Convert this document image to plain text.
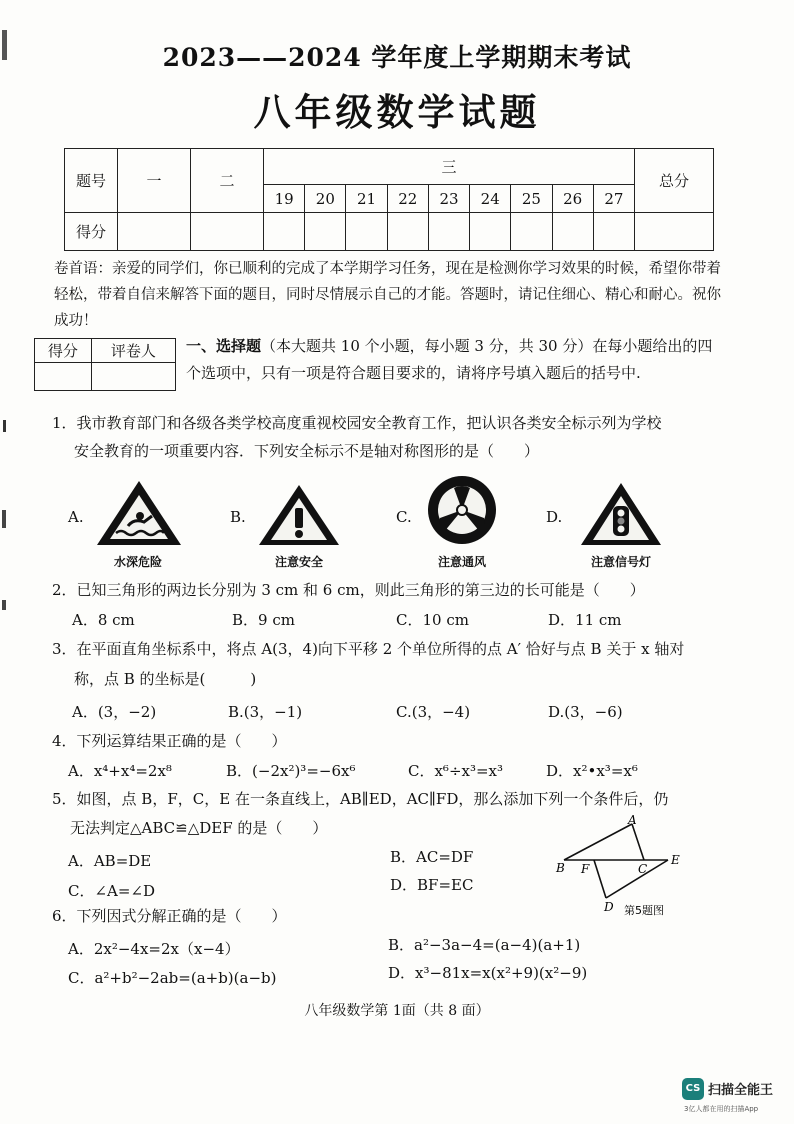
2023——2024 学年度上学期期末考试
八年级数学试题
题号	一	二	三									总分
			19	20	21	22	23	24	25	26	27	
得分												
卷首语：亲爱的同学们，你已顺利的完成了本学期学习任务，现在是检测你学习效果的时候，希望你带着轻松，带着自信来解答下面的题目，同时尽情展示自己的才能。答题时，请记住细心、精心和耐心。祝你成功！
得分	评卷人
	一、选择题（本大题共 10 个小题，每小题 3 分，共 30 分）在每小题给出的四个选项中，只有一项是符合题目要求的，请将序号填入题后的括号中.
1．我市教育部门和各级各类学校高度重视校园安全教育工作，把认识各类安全标示列为学校
安全教育的一项重要内容．下列安全标示不是轴对称图形的是（　　）
A.
水深危险
B.
注意安全
C.
注意通风
D.
注意信号灯
2．已知三角形的两边长分别为 3 cm 和 6 cm，则此三角形的第三边的长可能是（　　）
A．8 cm	B．9 cm	C．10 cm	D．11 cm
3．在平面直角坐标系中，将点 A(3，4)向下平移 2 个单位所得的点 A′ 恰好与点 B 关于 x 轴对
称，点 B 的坐标是(　　　)
A．(3，−2)	B.(3，−1)	C.(3，−4)	D.(3，−6)
4．下列运算结果正确的是（　　）
A．x⁴+x⁴=2x⁸	B．(−2x²)³=−6x⁶	C．x⁶÷x³=x³	D．x²•x³=x⁶
5．如图，点 B，F，C，E 在一条直线上，AB∥ED，AC∥FD，那么添加下列一个条件后，仍
无法判定△ABC≌△DEF 的是（　　）
A．AB=DE	B．AC=DF
C．∠A=∠D	D．BF=EC
A
B F	C
E
D 第5题图
6．下列因式分解正确的是（　　）
A．2x²−4x=2x（x−4）	B．a²−3a−4=(a−4)(a+1)
C．a²+b²−2ab=(a+b)(a−b)	D．x³−81x=x(x²+9)(x²−9)
八年级数学第 1面（共 8 面）
CS 扫描全能王
3亿人都在用的扫描App
